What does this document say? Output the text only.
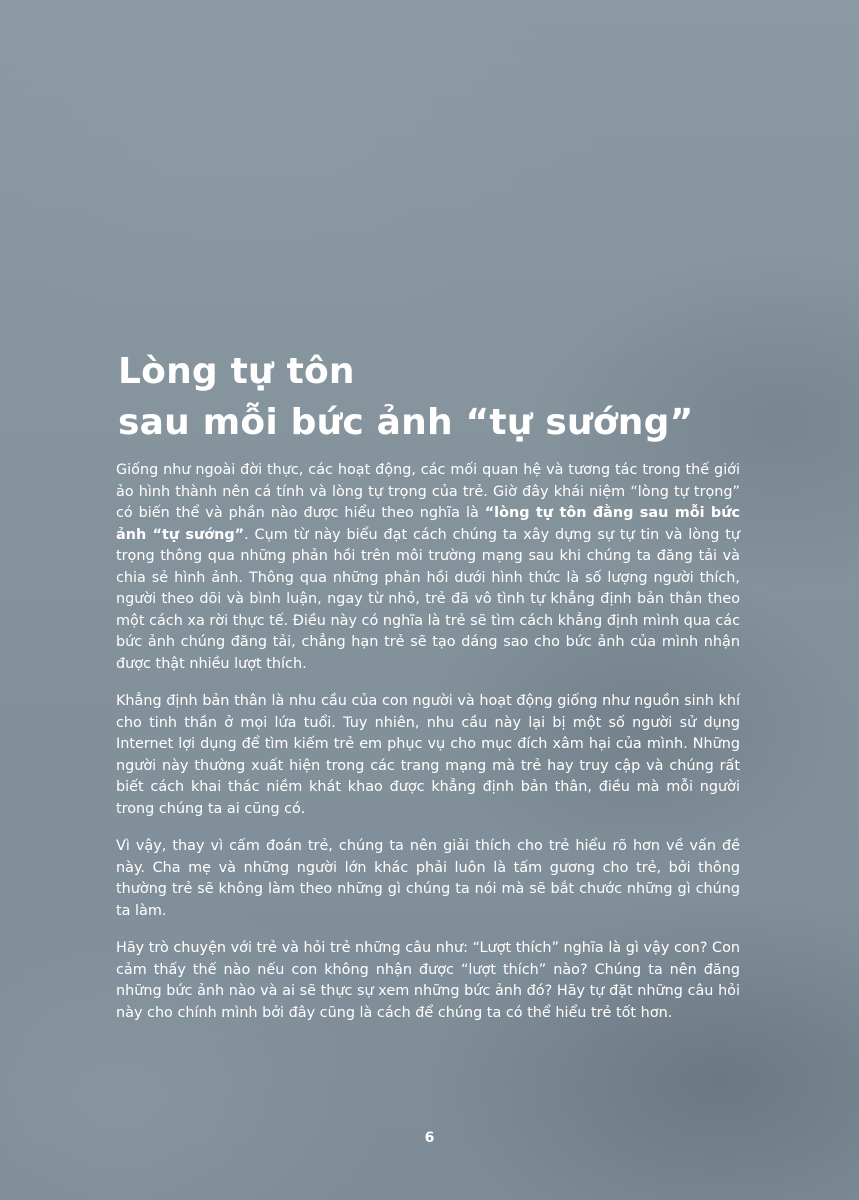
Lòng tự tôn
sau mỗi bức ảnh “tự sướng”

Giống như ngoài đời thực, các hoạt động, các mối quan hệ và tương tác trong thế giới ảo hình thành nên cá tính và lòng tự trọng của trẻ. Giờ đây khái niệm “lòng tự trọng” có biến thể và phần nào được hiểu theo nghĩa là “lòng tự tôn đằng sau mỗi bức ảnh “tự sướng”. Cụm từ này biểu đạt cách chúng ta xây dựng sự tự tin và lòng tự trọng thông qua những phản hồi trên môi trường mạng sau khi chúng ta đăng tải và chia sẻ hình ảnh. Thông qua những phản hồi dưới hình thức là số lượng người thích, người theo dõi và bình luận, ngay từ nhỏ, trẻ đã vô tình tự khẳng định bản thân theo một cách xa rời thực tế. Điều này có nghĩa là trẻ sẽ tìm cách khẳng định mình qua các bức ảnh chúng đăng tải, chẳng hạn trẻ sẽ tạo dáng sao cho bức ảnh của mình nhận được thật nhiều lượt thích.

Khẳng định bản thân là nhu cầu của con người và hoạt động giống như nguồn sinh khí cho tinh thần ở mọi lứa tuổi. Tuy nhiên, nhu cầu này lại bị một số người sử dụng Internet lợi dụng để tìm kiếm trẻ em phục vụ cho mục đích xâm hại của mình. Những người này thường xuất hiện trong các trang mạng mà trẻ hay truy cập và chúng rất biết cách khai thác niềm khát khao được khẳng định bản thân, điều mà mỗi người trong chúng ta ai cũng có.

Vì vậy, thay vì cấm đoán trẻ, chúng ta nên giải thích cho trẻ hiểu rõ hơn về vấn đề này. Cha mẹ và những người lớn khác phải luôn là tấm gương cho trẻ, bởi thông thường trẻ sẽ không làm theo những gì chúng ta nói mà sẽ bắt chước những gì chúng ta làm.

Hãy trò chuyện với trẻ và hỏi trẻ những câu như: “Lượt thích” nghĩa là gì vậy con? Con cảm thấy thế nào nếu con không nhận được “lượt thích” nào? Chúng ta nên đăng những bức ảnh nào và ai sẽ thực sự xem những bức ảnh đó? Hãy tự đặt những câu hỏi này cho chính mình bởi đây cũng là cách để chúng ta có thể hiểu trẻ tốt hơn.

6
